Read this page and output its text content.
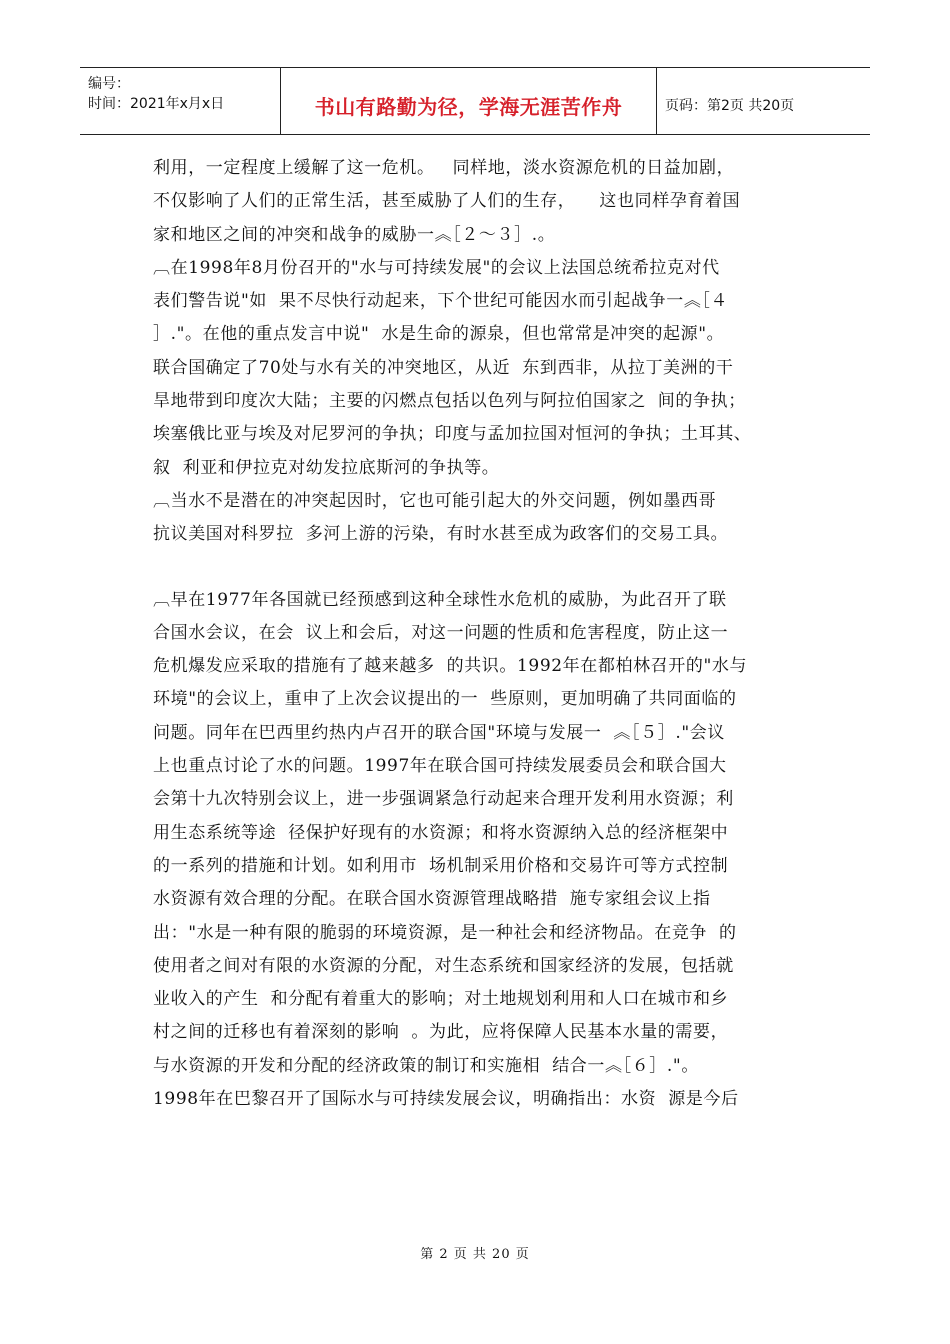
编号：
时间：2021年x月x日	书山有路勤为径，学海无涯苦作舟	页码：第2页 共20页
利用，一定程度上缓解了这一危机。   同样地，淡水资源危机的日益加剧，
不仅影响了人们的正常生活，甚至威胁了人们的生存，    这也同样孕育着国
家和地区之间的冲突和战争的威胁⼀︽［２～３］.。
︹在1998年8月份召开的"水与可持续发展"的会议上法国总统希拉克对代
表们警告说"如  果不尽快行动起来，下个世纪可能因水而引起战争⼀︽［４
］."。在他的重点发言中说"  水是生命的源泉，但也常常是冲突的起源"。
联合国确定了70处与水有关的冲突地区，从近  东到西非，从拉丁美洲的干
旱地带到印度次大陆；主要的闪燃点包括以色列与阿拉伯国家之  间的争执；
埃塞俄比亚与埃及对尼罗河的争执；印度与孟加拉国对恒河的争执；土耳其、
叙  利亚和伊拉克对幼发拉底斯河的争执等。
︹当水不是潜在的冲突起因时，它也可能引起大的外交问题，例如墨西哥
抗议美国对科罗拉  多河上游的污染，有时水甚至成为政客们的交易工具。
︹早在1977年各国就已经预感到这种全球性水危机的威胁，为此召开了联
合国水会议，在会  议上和会后，对这一问题的性质和危害程度，防止这一
危机爆发应采取的措施有了越来越多  的共识。1992年在都柏林召开的"水与
环境"的会议上，重申了上次会议提出的一  些原则，更加明确了共同面临的
问题。同年在巴西里约热内卢召开的联合国"环境与发展⼀  ︽［５］."会议
上也重点讨论了水的问题。1997年在联合国可持续发展委员会和联合国大
会第十九次特别会议上，进一步强调紧急行动起来合理开发利用水资源；利
用生态系统等途  径保护好现有的水资源；和将水资源纳入总的经济框架中
的一系列的措施和计划。如利用市  场机制采用价格和交易许可等方式控制
水资源有效合理的分配。在联合国水资源管理战略措  施专家组会议上指
出："水是一种有限的脆弱的环境资源，是一种社会和经济物品。在竞争  的
使用者之间对有限的水资源的分配，对生态系统和国家经济的发展，包括就
业收入的产生  和分配有着重大的影响；对土地规划利用和人口在城市和乡
村之间的迁移也有着深刻的影响  。为此，应将保障人民基本水量的需要，
与水资源的开发和分配的经济政策的制订和实施相  结合⼀︽［６］."。
1998年在巴黎召开了国际水与可持续发展会议，明确指出：水资  源是今后
第 2 页 共 20 页
